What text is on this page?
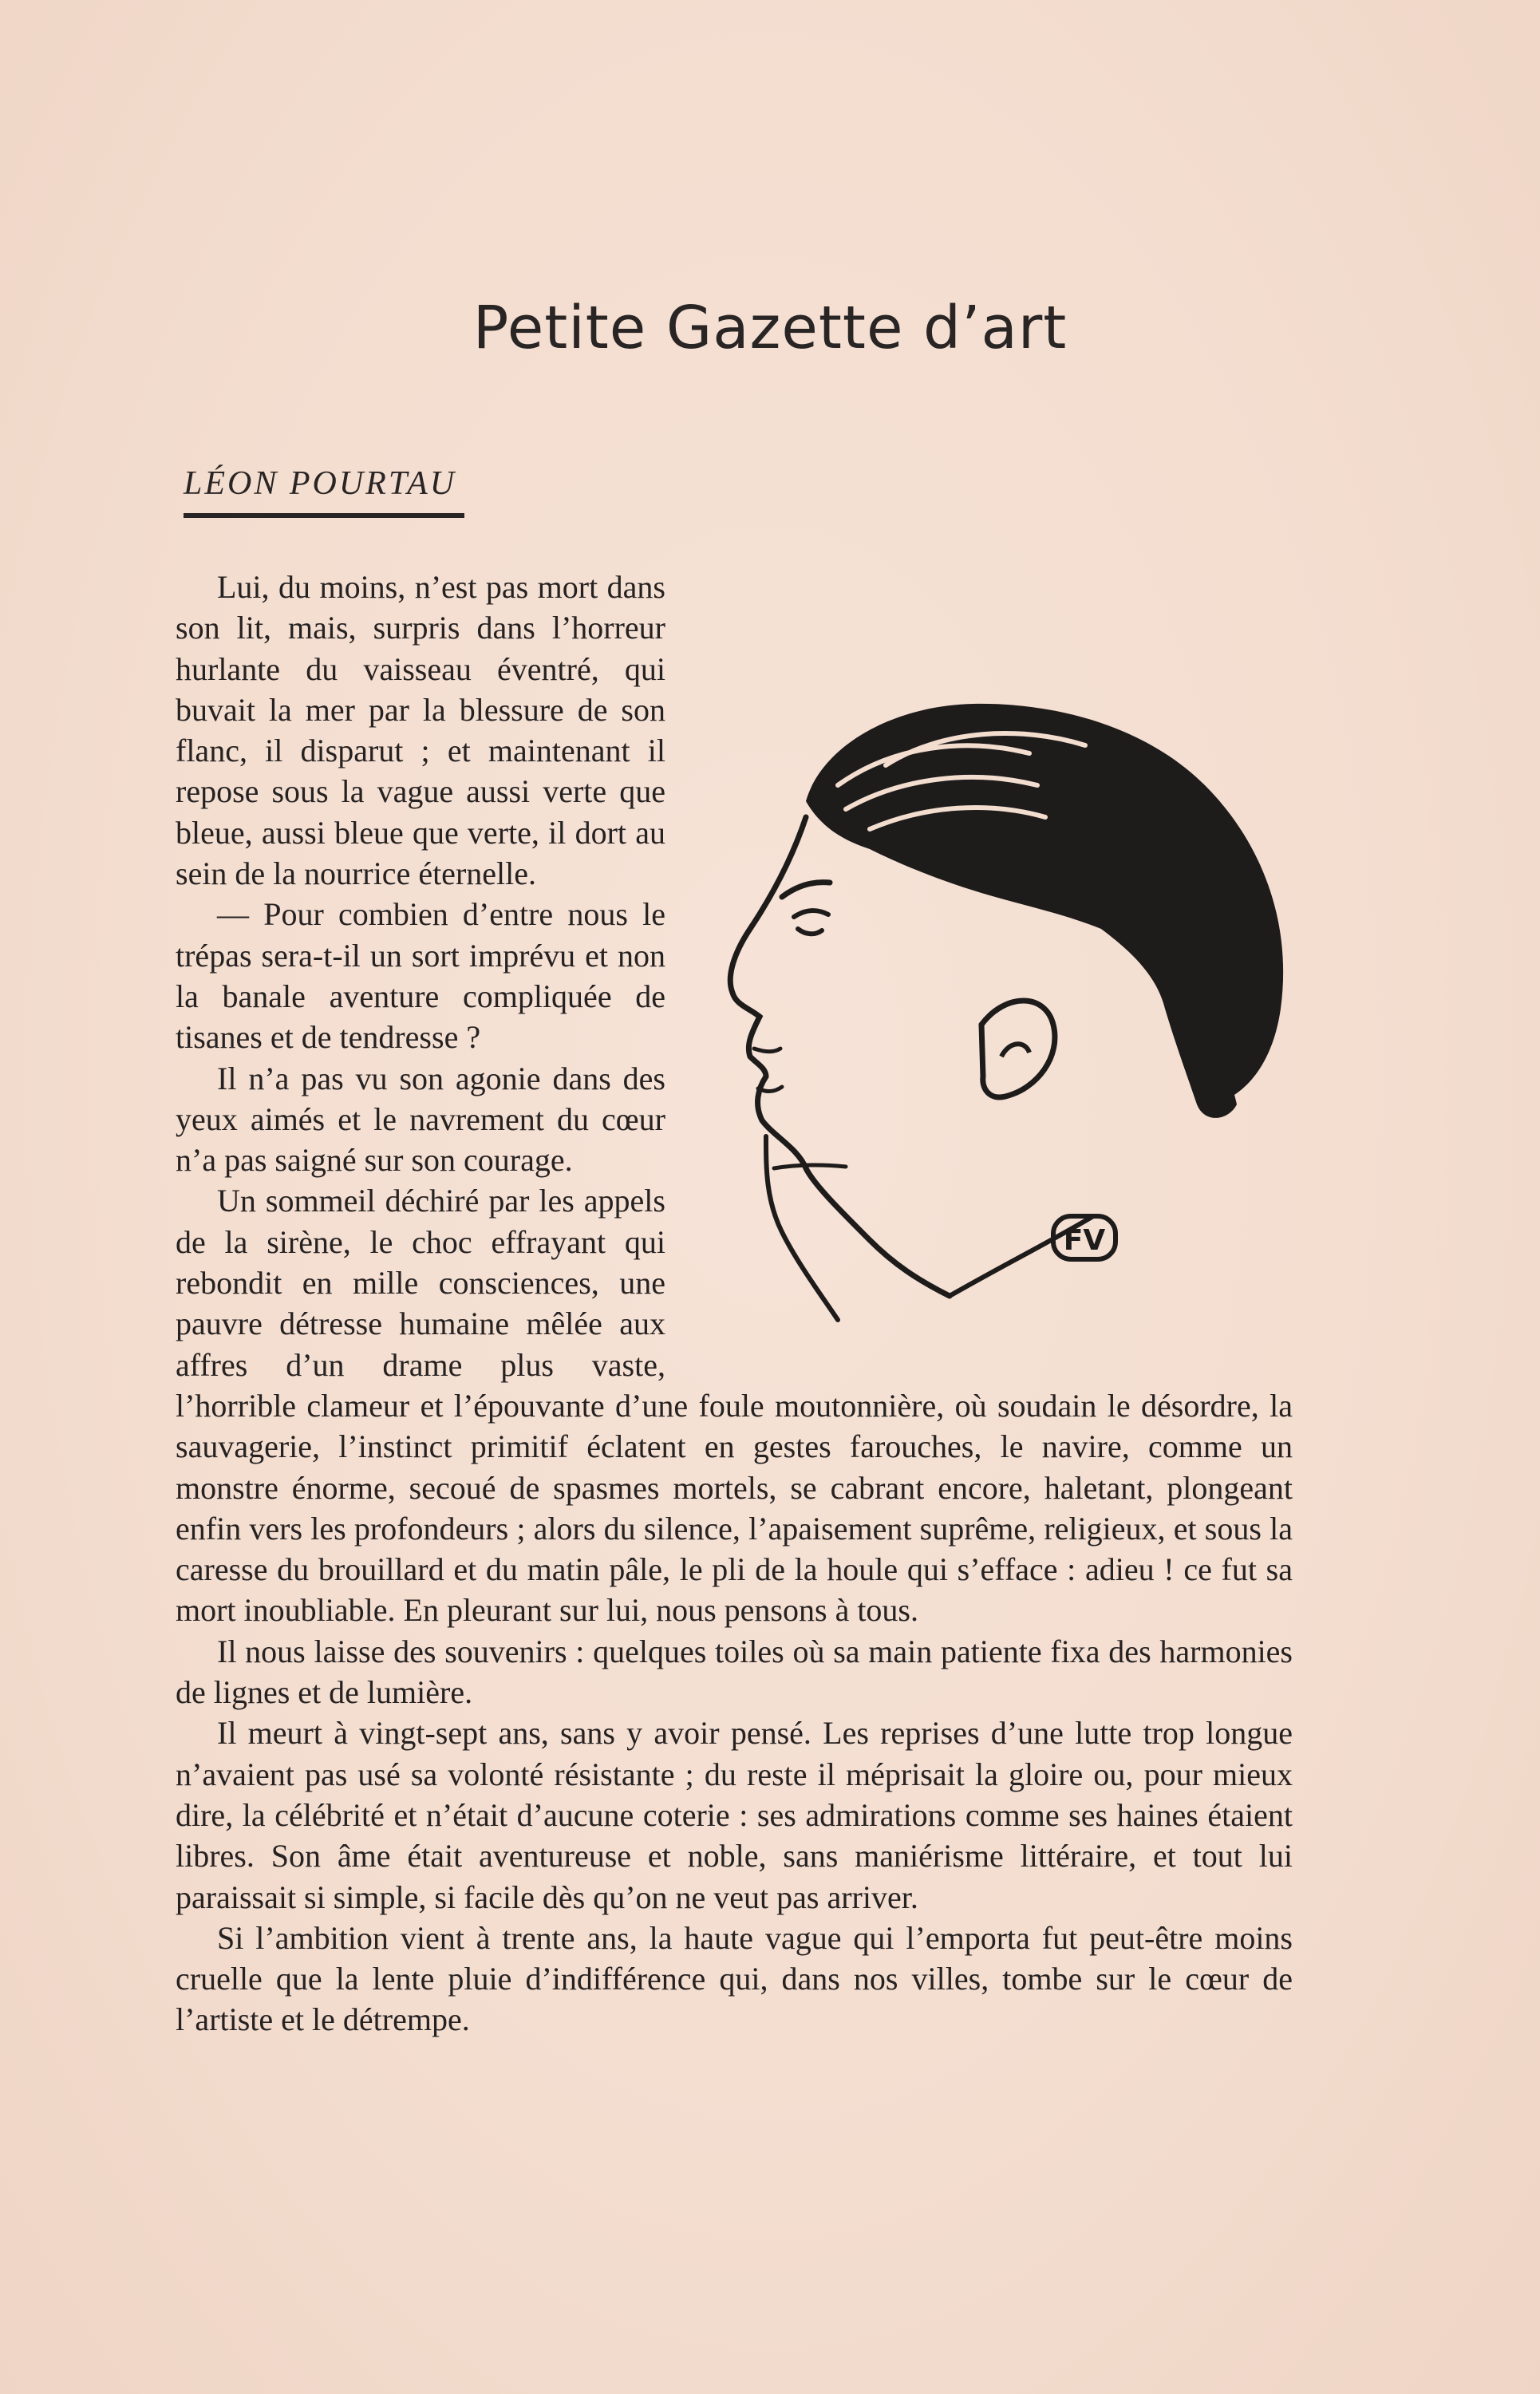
Petite Gazette d’art
LÉON POURTAU
FV

Lui, du moins, n’est pas mort dans son lit, mais, surpris dans l’horreur hurlante du vaisseau éventré, qui buvait la mer par la blessure de son flanc, il disparut ; et maintenant il repose sous la vague aussi verte que bleue, aussi bleue que verte, il dort au sein de la nourrice éternelle.

— Pour combien d’entre nous le trépas sera-t-il un sort imprévu et non la banale aventure compliquée de tisanes et de tendresse ?

Il n’a pas vu son agonie dans des yeux aimés et le navrement du cœur n’a pas saigné sur son courage.

Un sommeil déchiré par les appels de la sirène, le choc effrayant qui rebondit en mille consciences, une pauvre détresse humaine mêlée aux affres d’un drame plus vaste, l’horrible clameur et l’épouvante d’une foule moutonnière, où soudain le désordre, la sauvagerie, l’instinct primitif éclatent en gestes farouches, le navire, comme un monstre énorme, secoué de spasmes mortels, se cabrant encore, haletant, plongeant enfin vers les profondeurs ; alors du silence, l’apaisement suprême, religieux, et sous la caresse du brouillard et du matin pâle, le pli de la houle qui s’efface : adieu ! ce fut sa mort inoubliable. En pleurant sur lui, nous pensons à tous.

Il nous laisse des souvenirs : quelques toiles où sa main patiente fixa des harmonies de lignes et de lumière.

Il meurt à vingt-sept ans, sans y avoir pensé. Les reprises d’une lutte trop longue n’avaient pas usé sa volonté résistante ; du reste il méprisait la gloire ou, pour mieux dire, la célébrité et n’était d’aucune coterie : ses admirations comme ses haines étaient libres. Son âme était aventureuse et noble, sans maniérisme littéraire, et tout lui paraissait si simple, si facile dès qu’on ne veut pas arriver.

Si l’ambition vient à trente ans, la haute vague qui l’emporta fut peut-être moins cruelle que la lente pluie d’indifférence qui, dans nos villes, tombe sur le cœur de l’artiste et le détrempe.
